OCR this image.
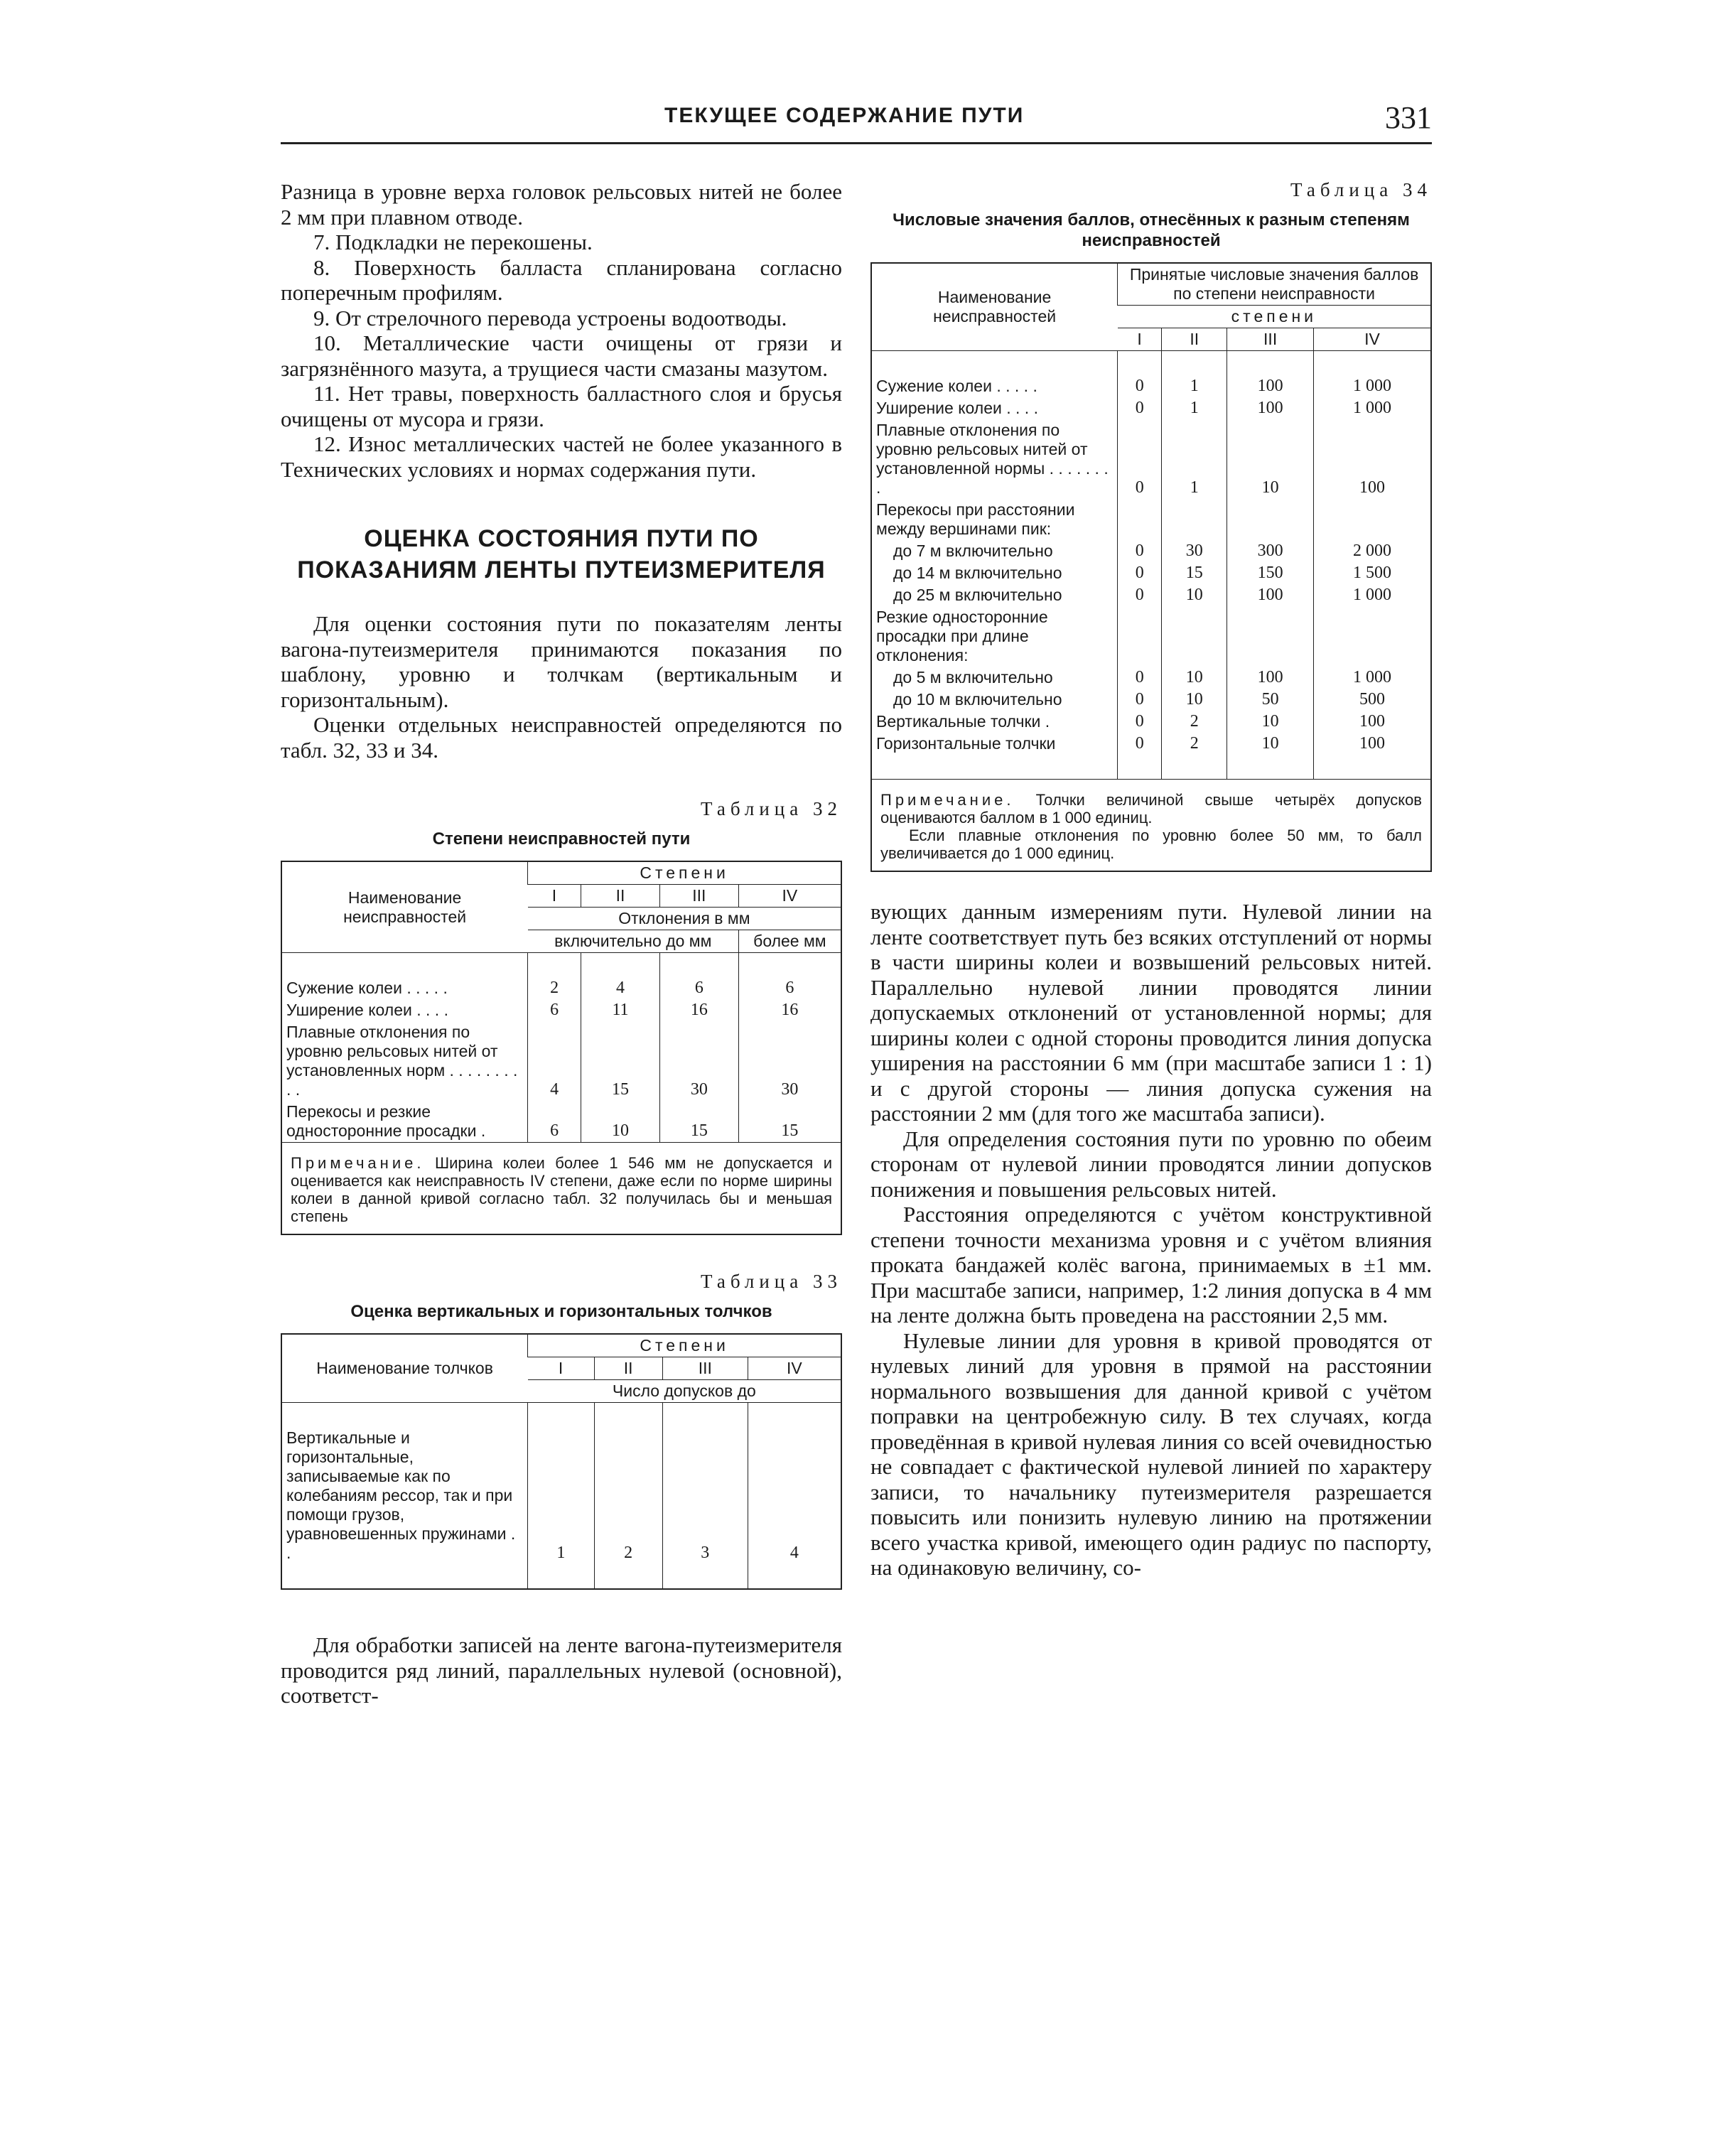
ТЕКУЩЕЕ СОДЕРЖАНИЕ ПУТИ	331

Разница в уровне верха головок рельсовых нитей не более 2 мм при плавном отводе.

7. Подкладки не перекошены.

8. Поверхность балласта спланирована согласно поперечным профилям.

9. От стрелочного перевода устроены водоотводы.

10. Металлические части очищены от грязи и загрязнённого мазута, а трущиеся части смазаны мазутом.

11. Нет травы, поверхность балластного слоя и брусья очищены от мусора и грязи.

12. Износ металлических частей не более указанного в Технических условиях и нормах содержания пути.

ОЦЕНКА СОСТОЯНИЯ ПУТИ ПО ПОКАЗАНИЯМ ЛЕНТЫ ПУТЕИЗМЕРИТЕЛЯ

Для оценки состояния пути по показателям ленты вагона-путеизмерителя принимаются показания по шаблону, уровню и толчкам (вертикальным и горизонтальным).

Оценки отдельных неисправностей определяются по табл. 32, 33 и 34.

Таблица 32
Степени неисправностей пути
Наименование неисправностей	Степени			
	I	II	III	IV
	Отклонения в мм			
	включительно до мм			более мм

Сужение колеи . . . . .	2	4	6	6
Уширение колеи . . . .	6	11	16	16
Плавные отклонения по уровню рельсовых нитей от установленных норм . . . . . . . . . .	4	15	30	30
Перекосы и резкие односторонние просадки .	6	10	15	15
Примечание. Ширина колеи более 1 546 мм не допускается и оценивается как неисправность IV степени, даже если по норме ширины колеи в данной кривой согласно табл. 32 получилась бы и меньшая степень				
Таблица 33
Оценка вертикальных и горизонтальных толчков
Наименование толчков	Степени			
	I	II	III	IV
	Число допусков до			

Вертикальные и горизонтальные, записываемые как по колебаниям рессор, так и при помощи грузов, уравновешенных пружинами . .	1	2	3	4

Для обработки записей на ленте вагона-путеизмерителя проводится ряд линий, параллельных нулевой (основной), соответст-

Таблица 34
Числовые значения баллов, отнесённых к разным степеням неисправностей
Наименование неисправностей	Принятые числовые значения баллов по степени неисправности			
	степени			
	I	II	III	IV

Сужение колеи . . . . .	0	1	100	1 000
Уширение колеи . . . .	0	1	100	1 000
Плавные отклонения по уровню рельсовых нитей от установленной нормы . . . . . . . .	0	1	10	100
Перекосы при расстоянии между вершинами пик:				
до 7 м включительно	0	30	300	2 000
до 14 м включительно	0	15	150	1 500
до 25 м включительно	0	10	100	1 000
Резкие односторонние просадки при длине отклонения:				
до 5 м включительно	0	10	100	1 000
до 10 м включительно	0	10	50	500
Вертикальные толчки .	0	2	10	100
Горизонтальные толчки	0	2	10	100

Примечание. Толчки величиной свыше четырёх допусков оцениваются баллом в 1 000 единиц.
Если плавные отклонения по уровню более 50 мм, то балл увеличивается до 1 000 единиц.				

вующих данным измерениям пути. Нулевой линии на ленте соответствует путь без всяких отступлений от нормы в части ширины колеи и возвышений рельсовых нитей. Параллельно нулевой линии проводятся линии допускаемых отклонений от установленной нормы; для ширины колеи с одной стороны проводится линия допуска уширения на расстоянии 6 мм (при масштабе записи 1 : 1) и с другой стороны — линия допуска сужения на расстоянии 2 мм (для того же масштаба записи).

Для определения состояния пути по уровню по обеим сторонам от нулевой линии проводятся линии допусков понижения и повышения рельсовых нитей.

Расстояния определяются с учётом конструктивной степени точности механизма уровня и с учётом влияния проката бандажей колёс вагона, принимаемых в ±1 мм. При масштабе записи, например, 1:2 линия допуска в 4 мм на ленте должна быть проведена на расстоянии 2,5 мм.

Нулевые линии для уровня в кривой проводятся от нулевых линий для уровня в прямой на расстоянии нормального возвышения для данной кривой с учётом поправки на центробежную силу. В тех случаях, когда проведённая в кривой нулевая линия со всей очевидностью не совпадает с фактической нулевой линией по характеру записи, то начальнику путеизмерителя разрешается повысить или понизить нулевую линию на протяжении всего участка кривой, имеющего один радиус по паспорту, на одинаковую величину, со-
